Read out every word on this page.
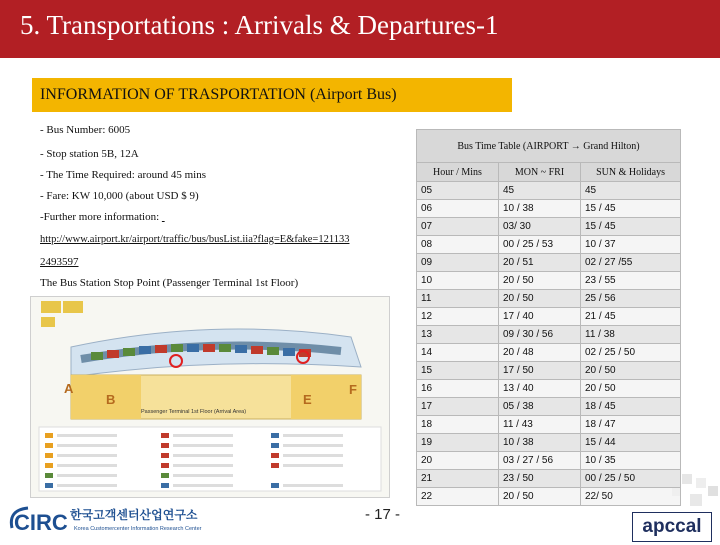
5. Transportations : Arrivals & Departures-1
INFORMATION OF TRASPORTATION (Airport Bus)
- Bus Number: 6005
- Stop station 5B, 12A
- The Time Required: around 45 mins
- Fare: KW 10,000 (about USD $ 9)
-Further more information:
http://www.airport.kr/airport/traffic/bus/busList.iia?flag=E&fake=121133
2493597
The Bus Station Stop Point (Passenger Terminal 1st Floor)
Bus Time Table (AIRPORT → Grand Hilton)		
Hour / Mins	MON ~ FRI	SUN & Holidays
05	45	45
06	10 / 38	15 / 45
07	03/ 30	15 / 45
08	00 / 25 / 53	10 / 37
09	20 / 51	02 / 27 /55
10	20 / 50	23 / 55
11	20 / 50	25 / 56
12	17 / 40	21 / 45
13	09 / 30 / 56	11 / 38
14	20 / 48	02 / 25 / 50
15	17 / 50	20 / 50
16	13 / 40	20 / 50
17	05 / 38	18 / 45
18	11 / 43	18 / 47
19	10 / 38	15 / 44
20	03 / 27 / 56	10 / 35
21	23 / 50	00 / 25 / 50
22	20 / 50	22/ 50
A
B	E
F
Passenger Terminal 1st Floor (Arrival Area)
CIRC 한국고객센터산업연구소
Korea Customercenter Information Research Center
- 17 -
apccal
